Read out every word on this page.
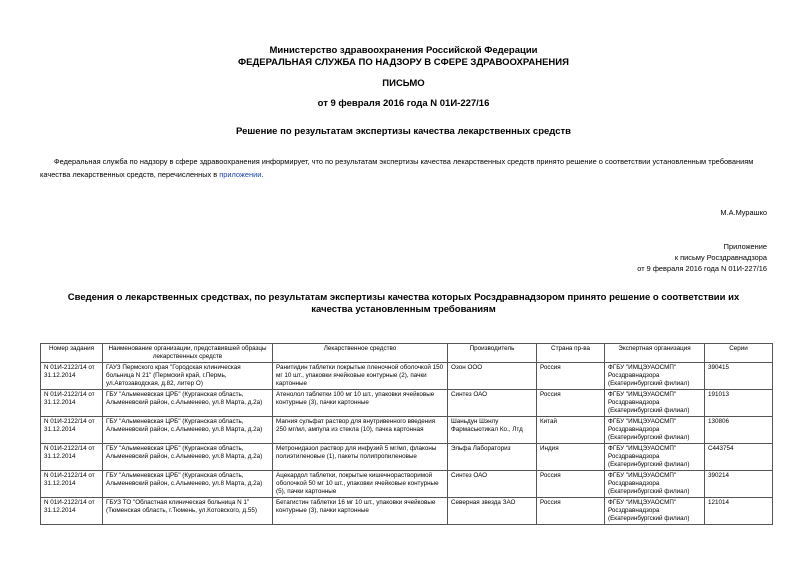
Министерство здравоохранения Российской Федерации
ФЕДЕРАЛЬНАЯ СЛУЖБА ПО НАДЗОРУ В СФЕРЕ ЗДРАВООХРАНЕНИЯ
ПИСЬМО
от 9 февраля 2016 года N 01И-227/16
Решение по результатам экспертизы качества лекарственных средств
Федеральная служба по надзору в сфере здравоохранения информирует, что по результатам экспертизы качества лекарственных средств принято решение о соответствии установленным требованиям качества лекарственных средств, перечисленных в приложении.
М.А.Мурашко
Приложение
к письму Росздравнадзора
от 9 февраля 2016 года N 01И-227/16
Сведения о лекарственных средствах, по результатам экспертизы качества которых Росздравнадзором принято решение о соответствии их качества установленным требованиям
Номер задания	Наименование организации, представившей образцы лекарственных средств	Лекарственное средство	Производитель	Страна пр-ва	Экспертная организация	Серии
N 01И-2122/14 от 31.12.2014	ГАУЗ Пермского края "Городская клиническая больница N 21" (Пермский край, г.Пермь, ул.Автозаводская, д.82, литер О)	Ранитидин таблетки покрытые пленочной оболочкой 150 мг 10 шт., упаковки ячейковые контурные (2), пачки картонные	Озон ООО	Россия	ФГБУ "ИМЦЭУАОСМП" Росздравнадзора (Екатеринбургский филиал)	390415
N 01И-2122/14 от 31.12.2014	ГБУ "Альменевская ЦРБ" (Курганская область, Альменевский район, с.Альменево, ул.8 Марта, д.2а)	Атенолол таблетки 100 мг 10 шт., упаковки ячейковые контурные (3), пачки картонные	Синтез ОАО	Россия	ФГБУ "ИМЦЭУАОСМП" Росздравнадзора (Екатеринбургский филиал)	191013
N 01И-2122/14 от 31.12.2014	ГБУ "Альменевская ЦРБ" (Курганская область, Альменевский район, с.Альменево, ул.8 Марта, д.2а)	Магния сульфат раствор для внутривенного введения 250 мг/мл, ампула из стекла (10), пачка картонная	Шаньдун Шэнлу Фармасьютикал Ко., Лтд	Китай	ФГБУ "ИМЦЭУАОСМП" Росздравнадзора (Екатеринбургский филиал)	130806
N 01И-2122/14 от 31.12.2014	ГБУ "Альменевская ЦРБ" (Курганская область, Альменевский район, с.Альменево, ул.8 Марта, д.2а)	Метронидазол раствор для инфузий 5 мг/мл, флаконы полиэтиленовые (1), пакеты полипропиленовые	Эльфа Лабораториз	Индия	ФГБУ "ИМЦЭУАОСМП" Росздравнадзора (Екатеринбургский филиал)	C443754
N 01И-2122/14 от 31.12.2014	ГБУ "Альменевская ЦРБ" (Курганская область, Альменевский район, с.Альменево, ул.8 Марта, д.2а)	Ацекардол таблетки, покрытые кишечнорастворимой оболочкой 50 мг 10 шт., упаковки ячейковые контурные (5), пачки картонные	Синтез ОАО	Россия	ФГБУ "ИМЦЭУАОСМП" Росздравнадзора (Екатеринбургский филиал)	390214
N 01И-2122/14 от 31.12.2014	ГБУЗ ТО "Областная клиническая больница N 1" (Тюменская область, г.Тюмень, ул.Котовского, д.55)	Бетагистин таблетки 16 мг 10 шт., упаковки ячейковые контурные (3), пачки картонные	Северная звезда ЗАО	Россия	ФГБУ "ИМЦЭУАОСМП" Росздравнадзора (Екатеринбургский филиал)	121014
